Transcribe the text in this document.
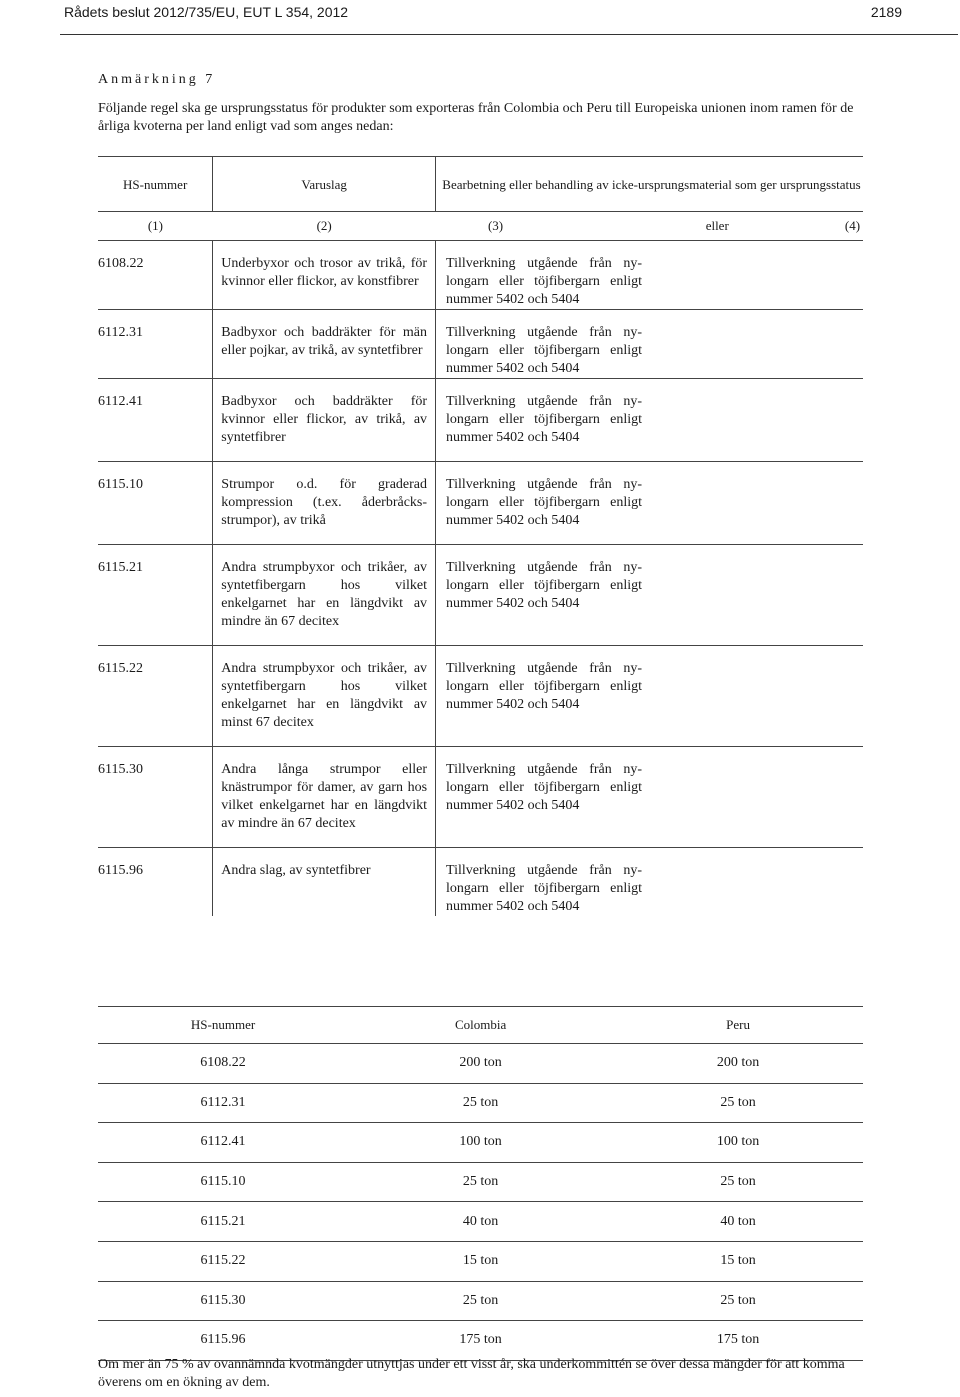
Rådets beslut 2012/735/EU, EUT L 354, 2012	2189
Anmärkning 7
Följande regel ska ge ursprungsstatus för produkter som exporteras från Colombia och Peru till Europeiska unionen inom ramen för de årliga kvoterna per land enligt vad som anges nedan:
HS-nummer	Varuslag	Bearbetning eller behandling av icke-ursprungsmaterial som ger ursprungsstatus
(1)	(2)	(3) eller (4)
6108.22	Underbyxor och trosor av trikå, för kvinnor eller flickor, av konstfibrer	Tillverkning utgående från nylongarn eller töjfibergarn enligt nummer 5402 och 5404

6112.31	Badbyxor och baddräkter för män eller pojkar, av trikå, av syntetfibrer	Tillverkning utgående från nylongarn eller töjfibergarn enligt nummer 5402 och 5404

6112.41	Badbyxor och baddräkter för kvinnor eller flickor, av trikå, av syntetfibrer	Tillverkning utgående från nylongarn eller töjfibergarn enligt nummer 5402 och 5404

6115.10	Strumpor o.d. för graderad kompression (t.ex. åderbråcksstrumpor), av trikå	Tillverkning utgående från nylongarn eller töjfibergarn enligt nummer 5402 och 5404

6115.21	Andra strumpbyxor och trikåer, av syntetfibergarn hos vilket enkelgarnet har en längdvikt av mindre än 67 decitex	Tillverkning utgående från nylongarn eller töjfibergarn enligt nummer 5402 och 5404

6115.22	Andra strumpbyxor och trikåer, av syntetfibergarn hos vilket enkelgarnet har en längdvikt av minst 67 decitex	Tillverkning utgående från nylongarn eller töjfibergarn enligt nummer 5402 och 5404

6115.30	Andra långa strumpor eller knästrumpor för damer, av garn hos vilket enkelgarnet har en längdvikt av mindre än 67 decitex	Tillverkning utgående från nylongarn eller töjfibergarn enligt nummer 5402 och 5404

6115.96	Andra slag, av syntetfibrer	Tillverkning utgående från nylongarn eller töjfibergarn enligt nummer 5402 och 5404
HS-nummer	Colombia	Peru
6108.22	200 ton	200 ton
6112.31	25 ton	25 ton
6112.41	100 ton	100 ton
6115.10	25 ton	25 ton
6115.21	40 ton	40 ton
6115.22	15 ton	15 ton
6115.30	25 ton	25 ton
6115.96	175 ton	175 ton
Om mer än 75 % av ovannämnda kvotmängder utnyttjas under ett visst år, ska underkommittén se över dessa mängder för att komma överens om en ökning av dem.
